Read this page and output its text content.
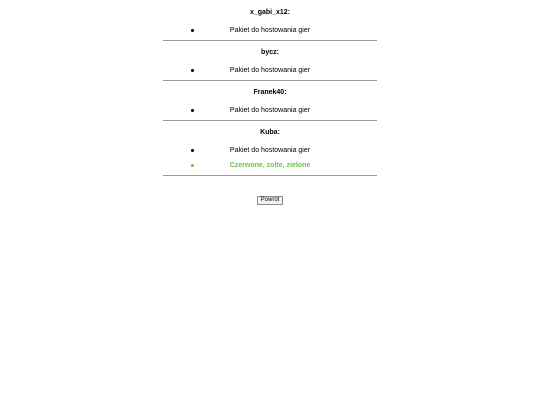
x_gabi_x12:

Pakiet do hostowania gier

bycz:

Pakiet do hostowania gier

Franek40:

Pakiet do hostowania gier

Kuba:

Pakiet do hostowania gier
Czerwone, zolte, zielone
Powrot
